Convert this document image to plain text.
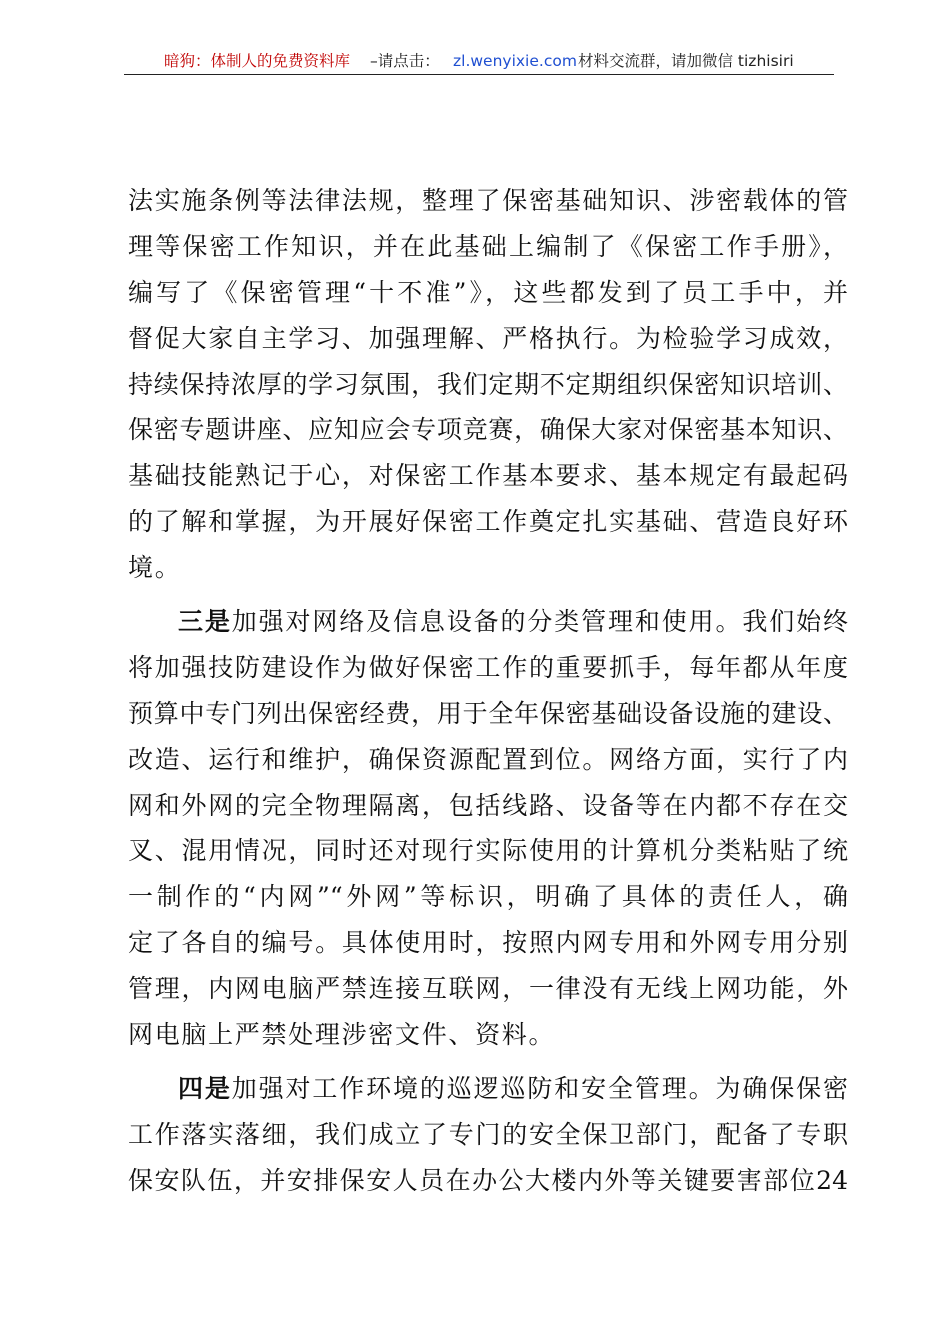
暗狗：体制人的免费资料库 –请点击： zl.wenyixie.com 材料交流群，请加微信 tizhisiri
法实施条例等法律法规，整理了保密基础知识、涉密载体的管
理等保密工作知识，并在此基础上编制了《保密工作手册》，
编写了《保密管理“十不准”》，这些都发到了员工手中，并
督促大家自主学习、加强理解、严格执行。为检验学习成效，
持续保持浓厚的学习氛围，我们定期不定期组织保密知识培训、
保密专题讲座、应知应会专项竞赛，确保大家对保密基本知识、
基础技能熟记于心，对保密工作基本要求、基本规定有最起码
的了解和掌握，为开展好保密工作奠定扎实基础、营造良好环
境。
三是加强对网络及信息设备的分类管理和使用。我们始终
将加强技防建设作为做好保密工作的重要抓手，每年都从年度
预算中专门列出保密经费，用于全年保密基础设备设施的建设、
改造、运行和维护，确保资源配置到位。网络方面，实行了内
网和外网的完全物理隔离，包括线路、设备等在内都不存在交
叉、混用情况，同时还对现行实际使用的计算机分类粘贴了统
一制作的“内网”“外网”等标识，明确了具体的责任人，确
定了各自的编号。具体使用时，按照内网专用和外网专用分别
管理，内网电脑严禁连接互联网，一律没有无线上网功能，外
网电脑上严禁处理涉密文件、资料。
四是加强对工作环境的巡逻巡防和安全管理。为确保保密
工作落实落细，我们成立了专门的安全保卫部门，配备了专职
保安队伍，并安排保安人员在办公大楼内外等关键要害部位24
